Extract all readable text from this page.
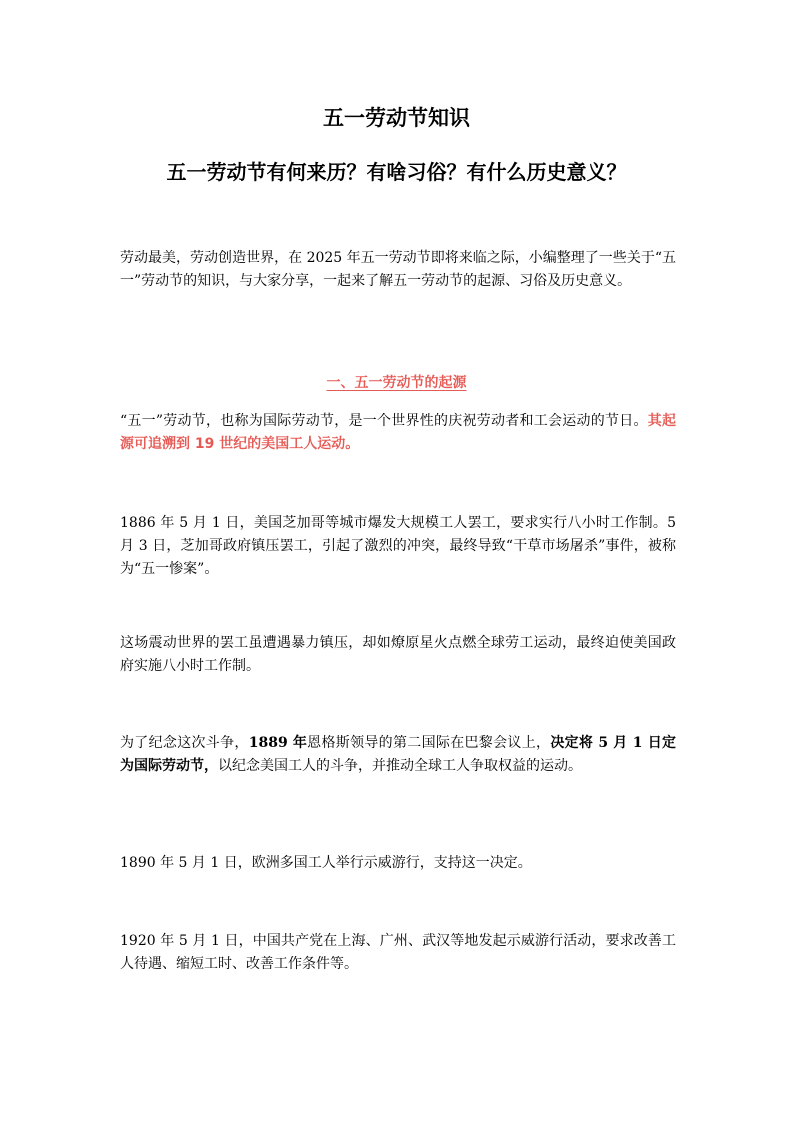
五一劳动节知识
五一劳动节有何来历？有啥习俗？有什么历史意义？

劳动最美，劳动创造世界，在 2025 年五一劳动节即将来临之际，小编整理了一些关于“五一”劳动节的知识，与大家分享，一起来了解五一劳动节的起源、习俗及历史意义。

一、五一劳动节的起源

“五一”劳动节，也称为国际劳动节，是一个世界性的庆祝劳动者和工会运动的节日。其起源可追溯到 19 世纪的美国工人运动。

1886 年 5 月 1 日，美国芝加哥等城市爆发大规模工人罢工，要求实行八小时工作制。5 月 3 日，芝加哥政府镇压罢工，引起了激烈的冲突，最终导致“干草市场屠杀”事件，被称为“五一惨案”。

这场震动世界的罢工虽遭遇暴力镇压，却如燎原星火点燃全球劳工运动，最终迫使美国政府实施八小时工作制。

为了纪念这次斗争，1889 年恩格斯领导的第二国际在巴黎会议上，决定将 5 月 1 日定为国际劳动节，以纪念美国工人的斗争，并推动全球工人争取权益的运动。

1890 年 5 月 1 日，欧洲多国工人举行示威游行，支持这一决定。

1920 年 5 月 1 日，中国共产党在上海、广州、武汉等地发起示威游行活动，要求改善工人待遇、缩短工时、改善工作条件等。
